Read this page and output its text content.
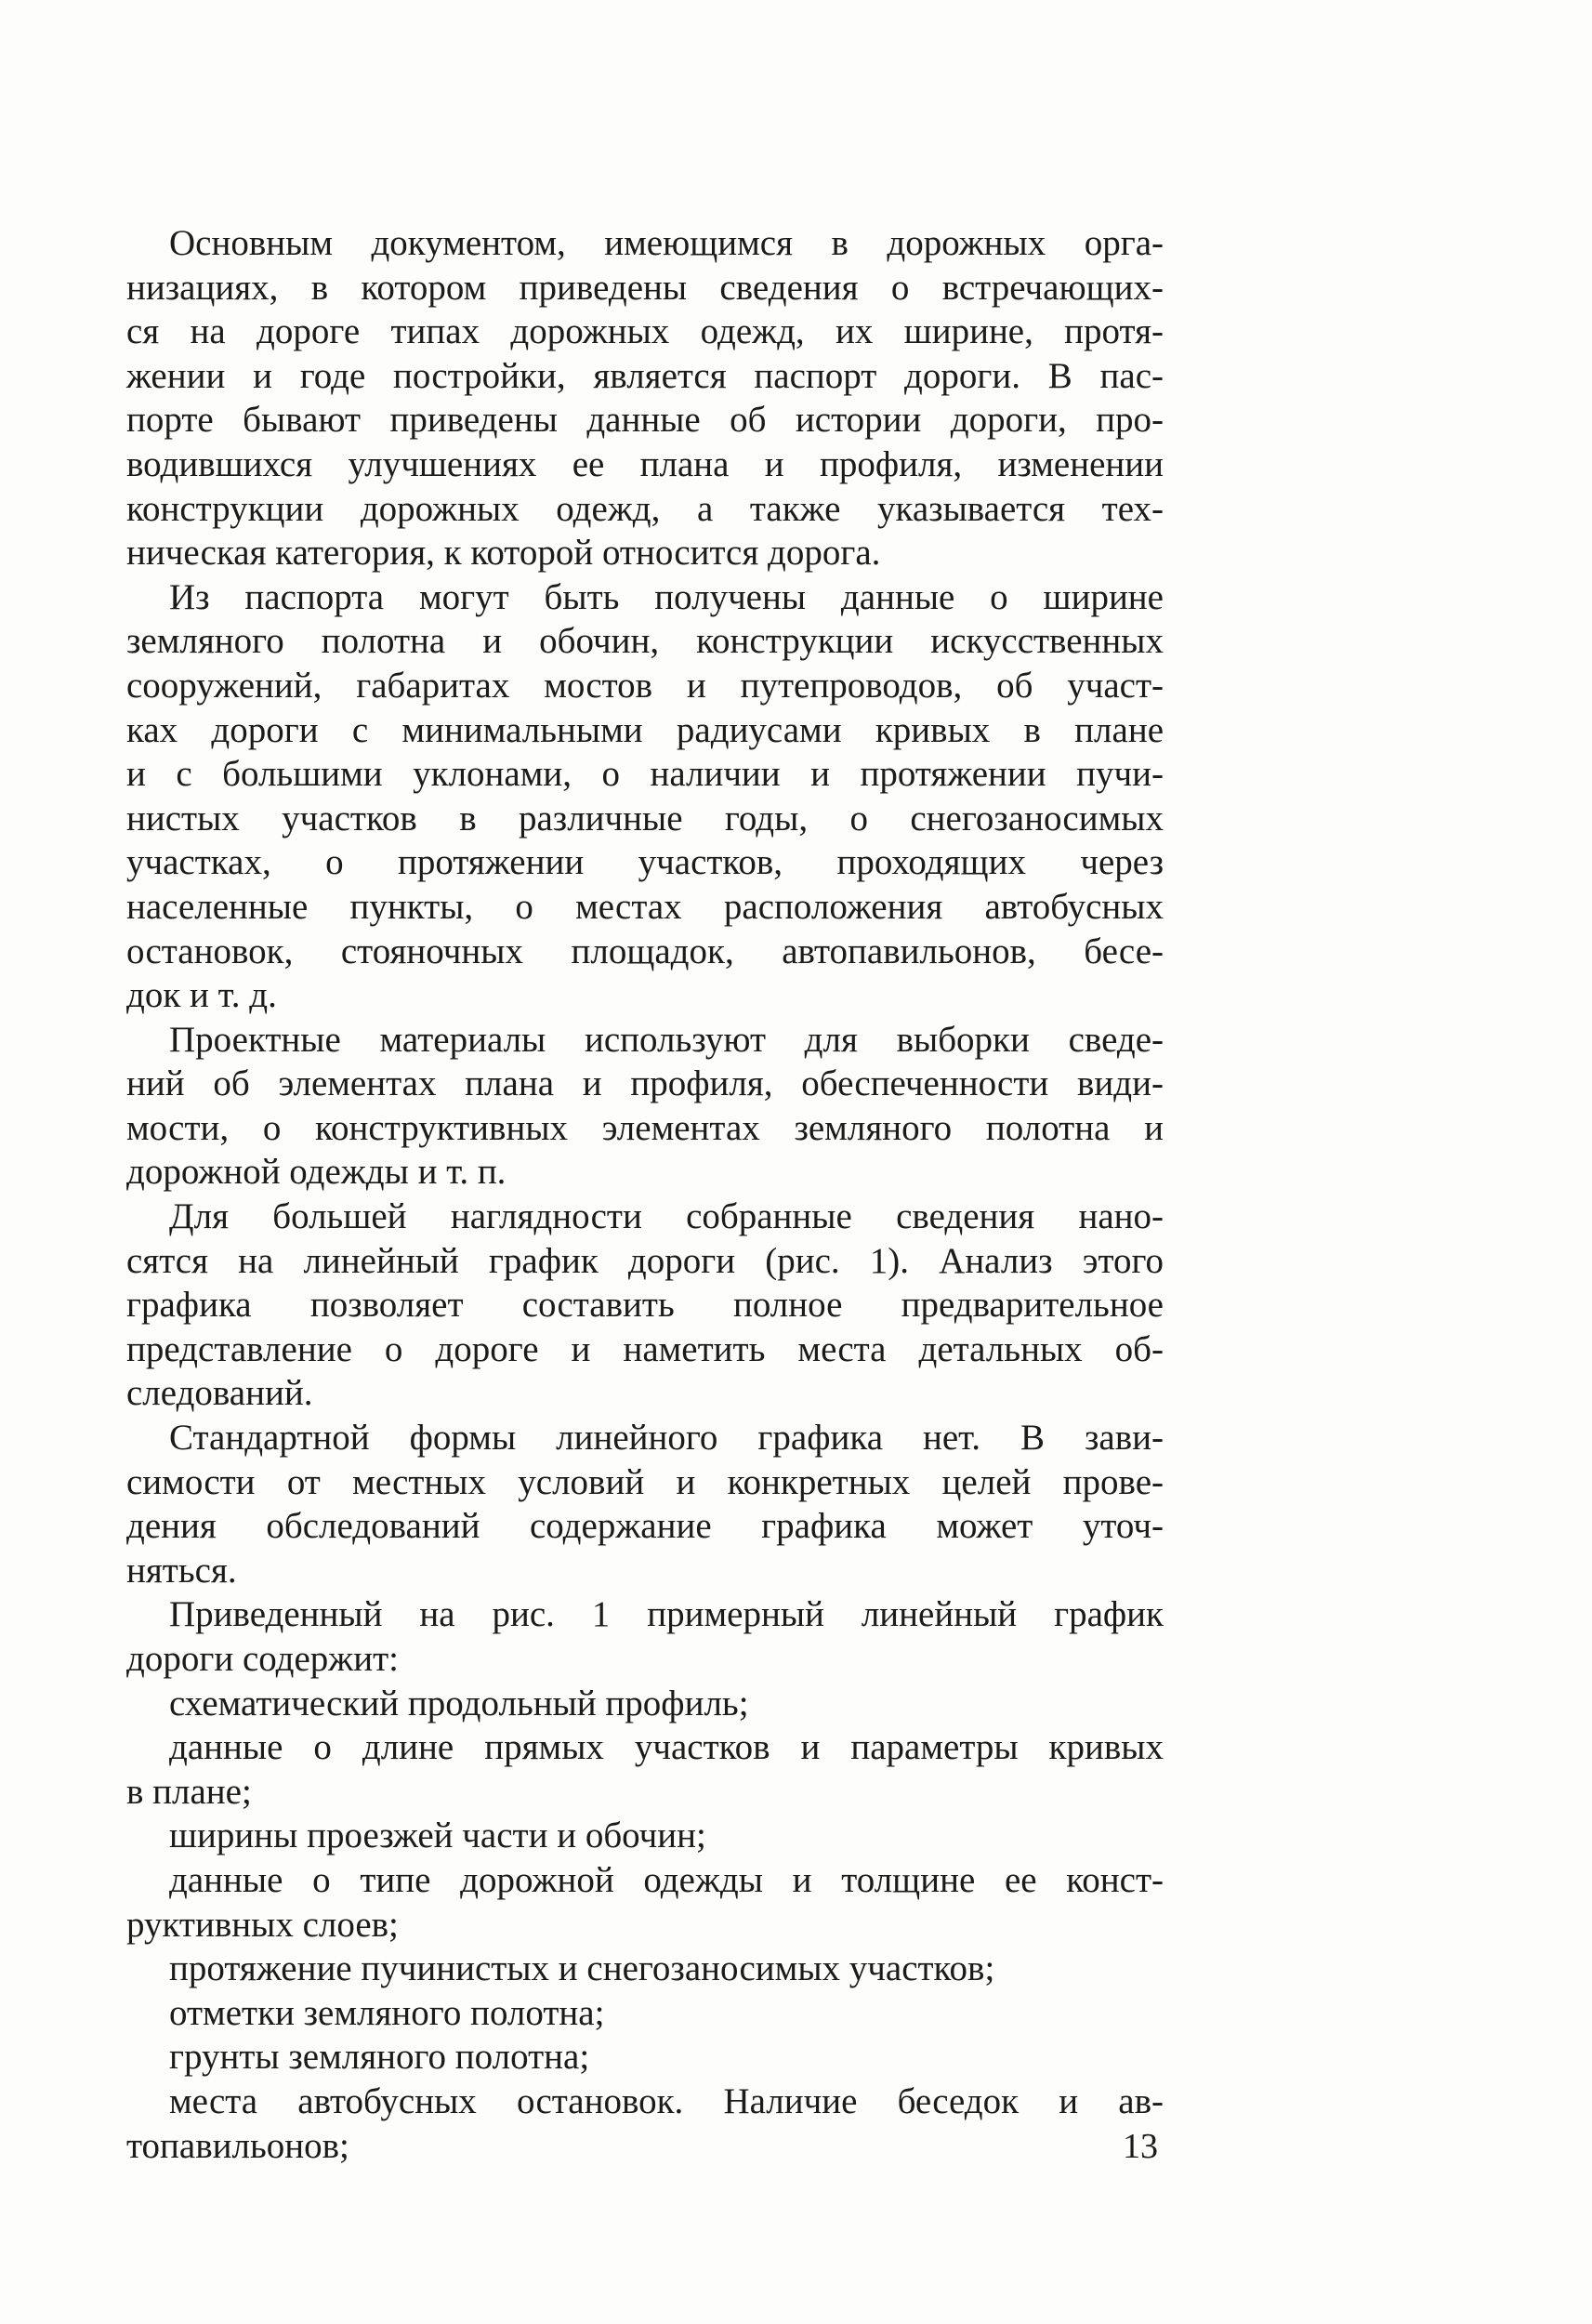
Основным документом, имеющимся в дорожных орга-
низациях, в котором приведены сведения о встречающих-
ся на дороге типах дорожных одежд, их ширине, протя-
жении и годе постройки, является паспорт дороги. В пас-
порте бывают приведены данные об истории дороги, про-
водившихся улучшениях ее плана и профиля, изменении
конструкции дорожных одежд, а также указывается тех-
ническая категория, к которой относится дорога.
Из паспорта могут быть получены данные о ширине
земляного полотна и обочин, конструкции искусственных
сооружений, габаритах мостов и путепроводов, об участ-
ках дороги с минимальными радиусами кривых в плане
и с большими уклонами, о наличии и протяжении пучи-
нистых участков в различные годы, о снегозаносимых
участках, о протяжении участков, проходящих через
населенные пункты, о местах расположения автобусных
остановок, стояночных площадок, автопавильонов, бесе-
док и т. д.
Проектные материалы используют для выборки сведе-
ний об элементах плана и профиля, обеспеченности види-
мости, о конструктивных элементах земляного полотна и
дорожной одежды и т. п.
Для большей наглядности собранные сведения нано-
сятся на линейный график дороги (рис. 1). Анализ этого
графика позволяет составить полное предварительное
представление о дороге и наметить места детальных об-
следований.
Стандартной формы линейного графика нет. В зави-
симости от местных условий и конкретных целей прове-
дения обследований содержание графика может уточ-
няться.
Приведенный на рис. 1 примерный линейный график
дороги содержит:
схематический продольный профиль;
данные о длине прямых участков и параметры кривых
в плане;
ширины проезжей части и обочин;
данные о типе дорожной одежды и толщине ее конст-
руктивных слоев;
протяжение пучинистых и снегозаносимых участков;
отметки земляного полотна;
грунты земляного полотна;
места автобусных остановок. Наличие беседок и ав-
топавильонов;	13
